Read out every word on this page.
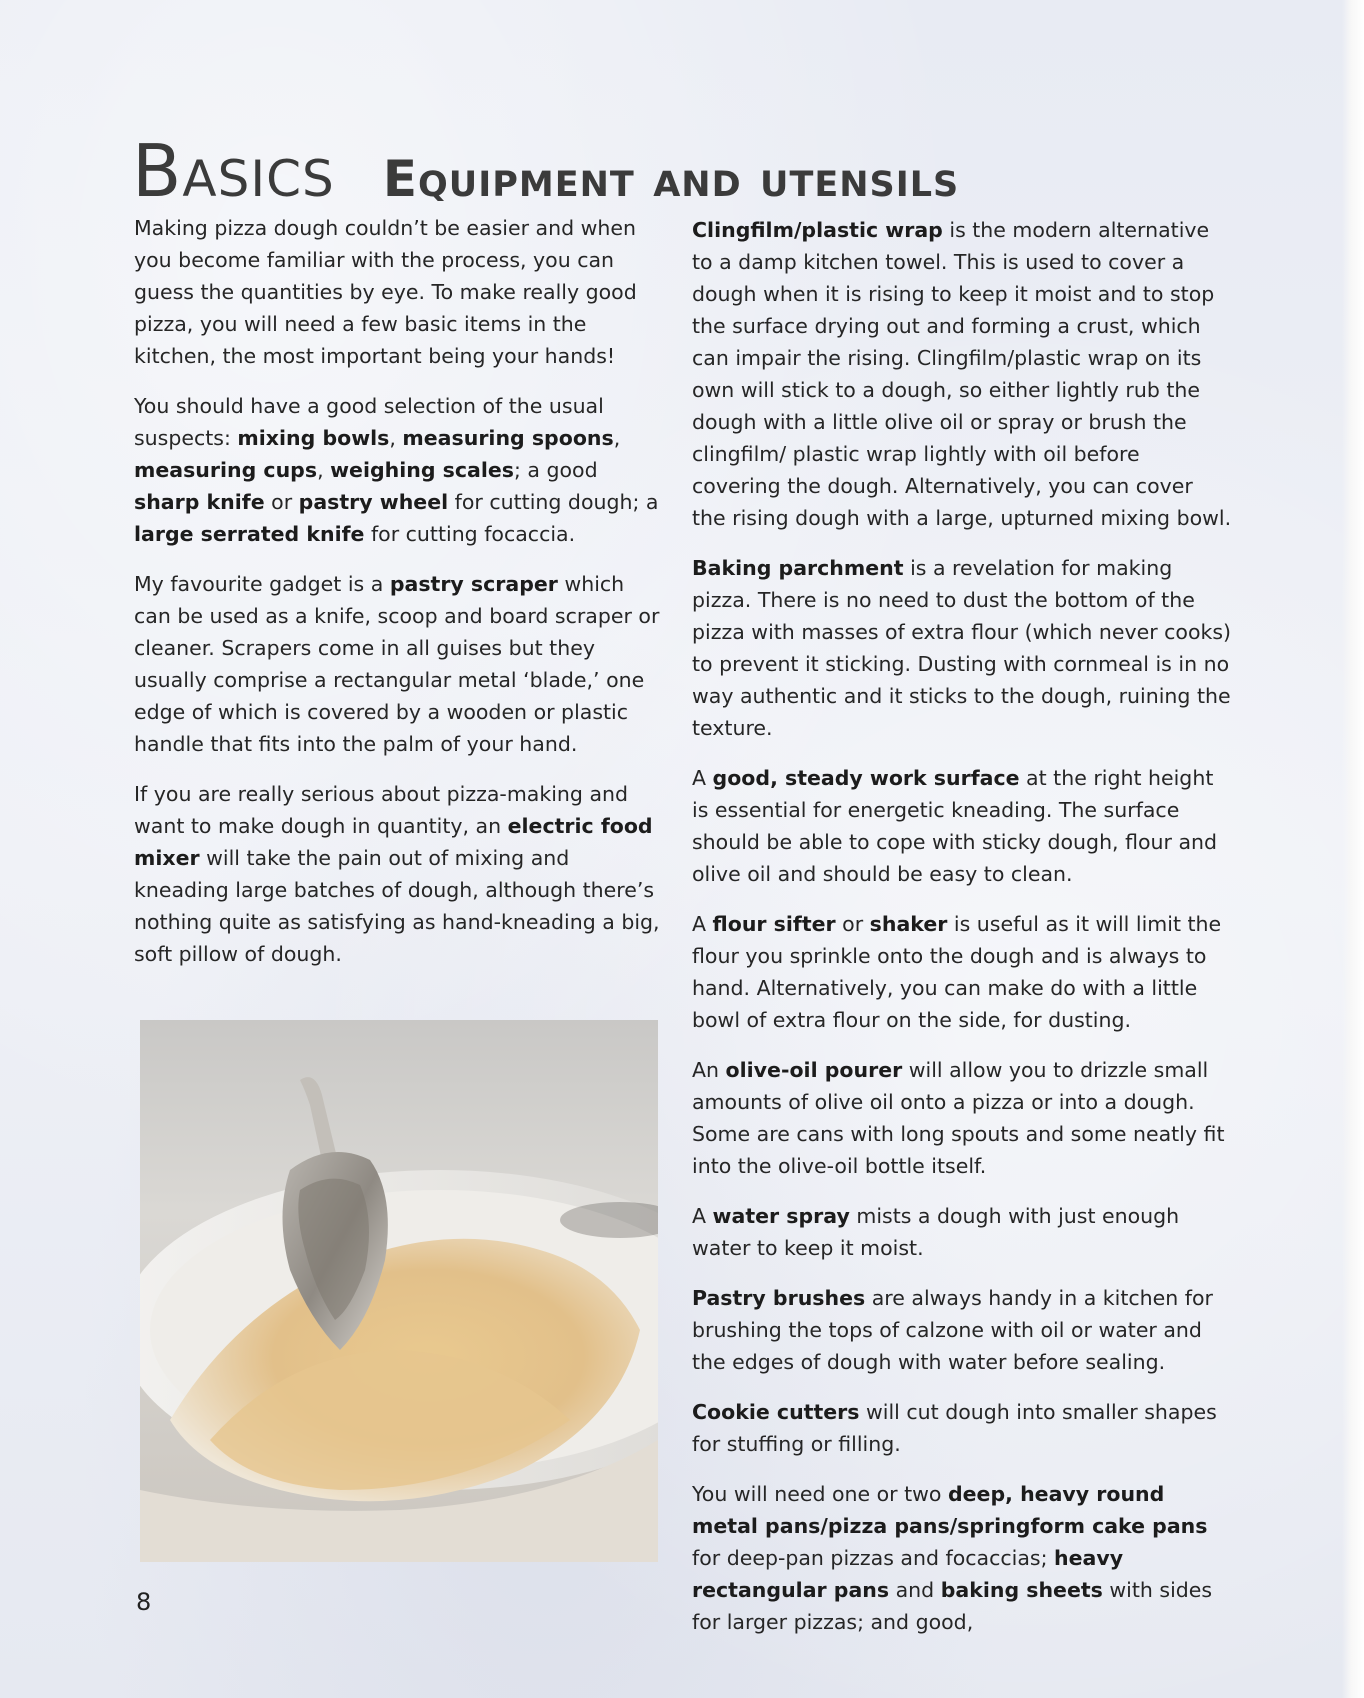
Basics Equipment and utensils

Making pizza dough couldn’t be easier and when you become familiar with the process, you can guess the quantities by eye. To make really good pizza, you will need a few basic items in the kitchen, the most important being your hands!

You should have a good selection of the usual suspects: mixing bowls, measuring spoons, measuring cups, weighing scales; a good sharp knife or pastry wheel for cutting dough; a large serrated knife for cutting focaccia.

My favourite gadget is a pastry scraper which can be used as a knife, scoop and board scraper or cleaner. Scrapers come in all guises but they usually comprise a rectangular metal ‘blade,’ one edge of which is covered by a wooden or plastic handle that fits into the palm of your hand.

If you are really serious about pizza-making and want to make dough in quantity, an electric food mixer will take the pain out of mixing and kneading large batches of dough, although there’s nothing quite as satisfying as hand-kneading a big, soft pillow of dough.

Clingfilm/plastic wrap is the modern alternative to a damp kitchen towel. This is used to cover a dough when it is rising to keep it moist and to stop the surface drying out and forming a crust, which can impair the rising. Clingfilm/plastic wrap on its own will stick to a dough, so either lightly rub the dough with a little olive oil or spray or brush the clingfilm/ plastic wrap lightly with oil before covering the dough. Alternatively, you can cover the rising dough with a large, upturned mixing bowl.

Baking parchment is a revelation for making pizza. There is no need to dust the bottom of the pizza with masses of extra flour (which never cooks) to prevent it sticking. Dusting with cornmeal is in no way authentic and it sticks to the dough, ruining the texture.

A good, steady work surface at the right height is essential for energetic kneading. The surface should be able to cope with sticky dough, flour and olive oil and should be easy to clean.

A flour sifter or shaker is useful as it will limit the flour you sprinkle onto the dough and is always to hand. Alternatively, you can make do with a little bowl of extra flour on the side, for dusting.

An olive-oil pourer will allow you to drizzle small amounts of olive oil onto a pizza or into a dough. Some are cans with long spouts and some neatly fit into the olive-oil bottle itself.

A water spray mists a dough with just enough water to keep it moist.

Pastry brushes are always handy in a kitchen for brushing the tops of calzone with oil or water and the edges of dough with water before sealing.

Cookie cutters will cut dough into smaller shapes for stuffing or filling.

You will need one or two deep, heavy round metal pans/pizza pans/springform cake pans for deep-pan pizzas and focaccias; heavy rectangular pans and baking sheets with sides for larger pizzas; and good,

8
